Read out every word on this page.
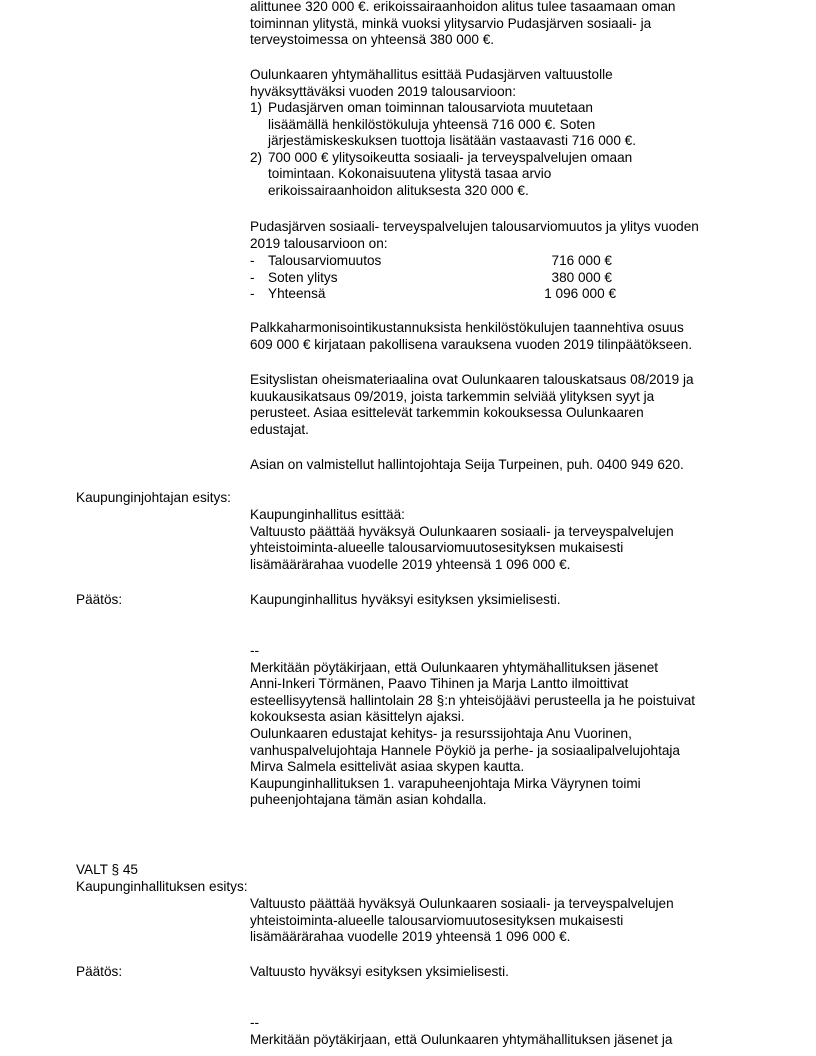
alittunee 320 000 €. erikoissairaanhoidon alitus tulee tasaamaan oman

toiminnan ylitystä, minkä vuoksi ylitysarvio Pudasjärven sosiaali- ja

terveystoimessa on yhteensä 380 000 €.

Oulunkaaren yhtymähallitus esittää Pudasjärven valtuustolle

hyväksyttäväksi vuoden 2019 talousarvioon:

1) Pudasjärven oman toiminnan talousarviota muutetaan

lisäämällä henkilöstökuluja yhteensä 716 000 €. Soten

järjestämiskeskuksen tuottoja lisätään vastaavasti 716 000 €.

2) 700 000 € ylitysoikeutta sosiaali- ja terveyspalvelujen omaan

toimintaan. Kokonaisuutena ylitystä tasaa arvio

erikoissairaanhoidon alituksesta 320 000 €.

Pudasjärven sosiaali- terveyspalvelujen talousarviomuutos ja ylitys vuoden

2019 talousarvioon on:

- Talousarviomuutos	716 000 €
- Soten ylitys	380 000 €
- Yhteensä	1 096 000 €

Palkkaharmonisointikustannuksista henkilöstökulujen taannehtiva osuus

609 000 € kirjataan pakollisena varauksena vuoden 2019 tilinpäätökseen.

Esityslistan oheismateriaalina ovat Oulunkaaren talouskatsaus 08/2019 ja

kuukausikatsaus 09/2019, joista tarkemmin selviää ylityksen syyt ja

perusteet. Asiaa esittelevät tarkemmin kokouksessa Oulunkaaren

edustajat.

Asian on valmistellut hallintojohtaja Seija Turpeinen, puh. 0400 949 620.

Kaupunginjohtajan esitys:

Kaupunginhallitus esittää:

Valtuusto päättää hyväksyä Oulunkaaren sosiaali- ja terveyspalvelujen

yhteistoiminta-alueelle talousarviomuutosesityksen mukaisesti

lisämäärärahaa vuodelle 2019 yhteensä 1 096 000 €.

Päätös:	Kaupunginhallitus hyväksyi esityksen yksimielisesti.

--

Merkitään pöytäkirjaan, että Oulunkaaren yhtymähallituksen jäsenet

Anni-Inkeri Törmänen, Paavo Tihinen ja Marja Lantto ilmoittivat

esteellisyytensä hallintolain 28 §:n yhteisöjäävi perusteella ja he poistuivat

kokouksesta asian käsittelyn ajaksi.

Oulunkaaren edustajat kehitys- ja resurssijohtaja Anu Vuorinen,

vanhuspalvelujohtaja Hannele Pöykiö ja perhe- ja sosiaalipalvelujohtaja

Mirva Salmela esittelivät asiaa skypen kautta.

Kaupunginhallituksen 1. varapuheenjohtaja Mirka Väyrynen toimi

puheenjohtajana tämän asian kohdalla.

VALT § 45
Kaupunginhallituksen esitys:

Valtuusto päättää hyväksyä Oulunkaaren sosiaali- ja terveyspalvelujen

yhteistoiminta-alueelle talousarviomuutosesityksen mukaisesti

lisämäärärahaa vuodelle 2019 yhteensä 1 096 000 €.

Päätös:	Valtuusto hyväksyi esityksen yksimielisesti.

--

Merkitään pöytäkirjaan, että Oulunkaaren yhtymähallituksen jäsenet ja
